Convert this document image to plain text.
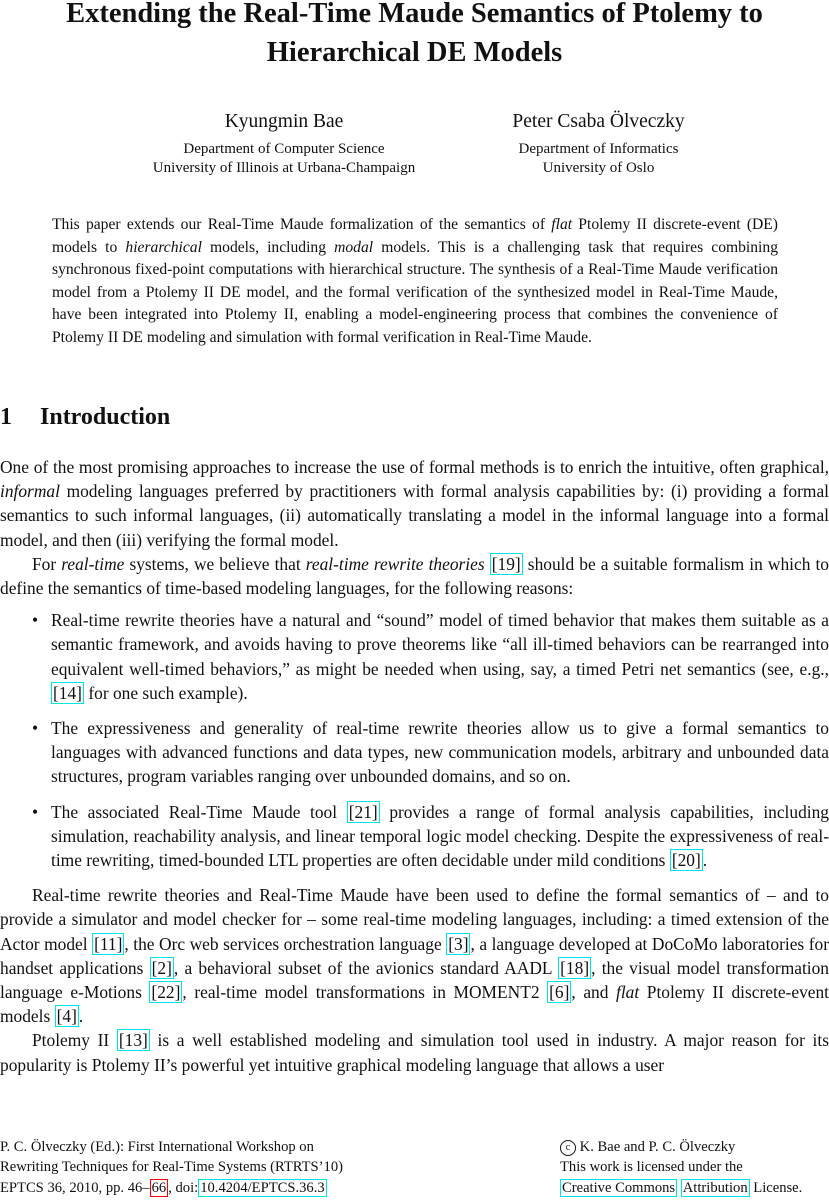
Extending the Real-Time Maude Semantics of Ptolemy to
Hierarchical DE Models
Kyungmin Bae
Department of Computer Science
University of Illinois at Urbana-Champaign
Peter Csaba Ölveczky
Department of Informatics
University of Oslo

This paper extends our Real-Time Maude formalization of the semantics of flat Ptolemy II discrete-event (DE) models to hierarchical models, including modal models. This is a challenging task that requires combining synchronous fixed-point computations with hierarchical structure. The synthesis of a Real-Time Maude verification model from a Ptolemy II DE model, and the formal verification of the synthesized model in Real-Time Maude, have been integrated into Ptolemy II, enabling a model-engineering process that combines the convenience of Ptolemy II DE modeling and simulation with formal verification in Real-Time Maude.

1 Introduction

One of the most promising approaches to increase the use of formal methods is to enrich the intuitive, often graphical, informal modeling languages preferred by practitioners with formal analysis capabilities by: (i) providing a formal semantics to such informal languages, (ii) automatically translating a model in the informal language into a formal model, and then (iii) verifying the formal model.

For real-time systems, we believe that real-time rewrite theories [19] should be a suitable formalism in which to define the semantics of time-based modeling languages, for the following reasons:

• Real-time rewrite theories have a natural and “sound” model of timed behavior that makes them suitable as a semantic framework, and avoids having to prove theorems like “all ill-timed behaviors can be rearranged into equivalent well-timed behaviors,” as might be needed when using, say, a timed Petri net semantics (see, e.g., [14] for one such example).
• The expressiveness and generality of real-time rewrite theories allow us to give a formal semantics to languages with advanced functions and data types, new communication models, arbitrary and unbounded data structures, program variables ranging over unbounded domains, and so on.
• The associated Real-Time Maude tool [21] provides a range of formal analysis capabilities, including simulation, reachability analysis, and linear temporal logic model checking. Despite the expressiveness of real-time rewriting, timed-bounded LTL properties are often decidable under mild conditions [20] .

Real-time rewrite theories and Real-Time Maude have been used to define the formal semantics of – and to provide a simulator and model checker for – some real-time modeling languages, including: a timed extension of the Actor model [11] , the Orc web services orchestration language [3] , a language developed at DoCoMo laboratories for handset applications [2] , a behavioral subset of the avionics standard AADL [18] , the visual model transformation language e-Motions [22] , real-time model transformations in MOMENT2 [6] , and flat Ptolemy II discrete-event models [4] .

Ptolemy II [13] is a well established modeling and simulation tool used in industry. A major reason for its popularity is Ptolemy II’s powerful yet intuitive graphical modeling language that allows a user

P. C. Ölveczky (Ed.): First International Workshop on
Rewriting Techniques for Real-Time Systems (RTRTS’10)
EPTCS 36, 2010, pp. 46– 66 , doi: 10.4204/EPTCS.36.3
c K. Bae and P. C. Ölveczky
This work is licensed under the
Creative Commons Attribution License.
